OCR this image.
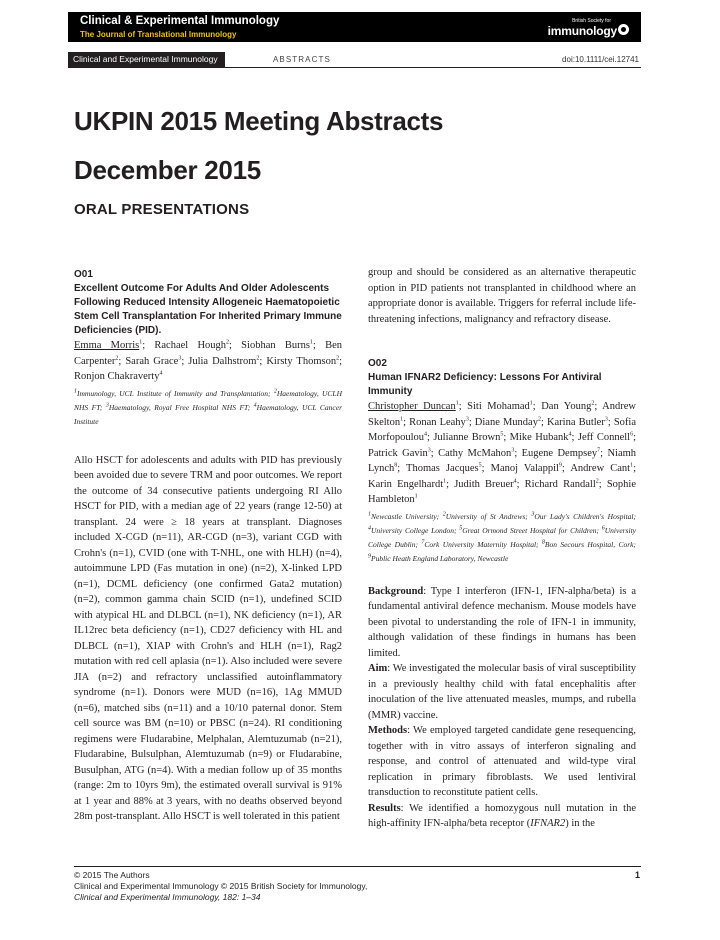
Clinical & Experimental Immunology
The Journal of Translational Immunology
British Society for
immunology
Clinical and Experimental Immunology	ABSTRACTS	doi:10.1111/cei.12741
UKPIN 2015 Meeting Abstracts
December 2015
ORAL PRESENTATIONS

O01

Excellent Outcome For Adults And Older Adolescents Following Reduced Intensity Allogeneic Haematopoietic Stem Cell Transplantation For Inherited Primary Immune Deficiencies (PID).

Emma Morris$^1$; Rachael Hough$^2$; Siobhan Burns$^1$; Ben Carpenter$^2$; Sarah Grace$^3$; Julia Dalhstrom$^2$; Kirsty Thomson$^2$; Ronjon Chakraverty$^4$

$^1$Immunology, UCL Institute of Immunity and Transplantation; $^2$Haematology, UCLH NHS FT; $^3$Haematology, Royal Free Hospital NHS FT; $^4$Haematology, UCL Cancer Institute

Allo HSCT for adolescents and adults with PID has previously been avoided due to severe TRM and poor outcomes. We report the outcome of 34 consecutive patients undergoing RI Allo HSCT for PID, with a median age of 22 years (range 12-50) at transplant. 24 were ≥ 18 years at transplant. Diagnoses included X-CGD (n=11), AR-CGD (n=3), variant CGD with Crohn's (n=1), CVID (one with T-NHL, one with HLH) (n=4), autoimmune LPD (Fas mutation in one) (n=2), X-linked LPD (n=1), DCML deficiency (one confirmed Gata2 mutation) (n=2), common gamma chain SCID (n=1), undefined SCID with atypical HL and DLBCL (n=1), NK deficiency (n=1), AR IL12rec beta deficiency (n=1), CD27 deficiency with HL and DLBCL (n=1), XIAP with Crohn's and HLH (n=1), Rag2 mutation with red cell aplasia (n=1). Also included were severe JIA (n=2) and refractory unclassified autoinflammatory syndrome (n=1). Donors were MUD (n=16), 1Ag MMUD (n=6), matched sibs (n=11) and a 10/10 paternal donor. Stem cell source was BM (n=10) or PBSC (n=24). RI conditioning regimens were Fludarabine, Melphalan, Alemtuzumab (n=21), Fludarabine, Bulsulphan, Alemtuzumab (n=9) or Fludarabine, Busulphan, ATG (n=4). With a median follow up of 35 months (range: 2m to 10yrs 9m), the estimated overall survival is 91% at 1 year and 88% at 3 years, with no deaths observed beyond 28m post-transplant. Allo HSCT is well tolerated in this patient

group and should be considered as an alternative therapeutic option in PID patients not transplanted in childhood where an appropriate donor is available. Triggers for referral include life-threatening infections, malignancy and refractory disease.

O02

Human IFNAR2 Deficiency: Lessons For Antiviral Immunity

Christopher Duncan$^1$; Siti Mohamad$^1$; Dan Young$^2$; Andrew Skelton$^1$; Ronan Leahy$^3$; Diane Munday$^2$; Karina Butler$^3$; Sofia Morfopoulou$^4$; Julianne Brown$^5$; Mike Hubank$^4$; Jeff Connell$^6$; Patrick Gavin$^3$; Cathy McMahon$^3$; Eugene Dempsey$^7$; Niamh Lynch$^8$; Thomas Jacques$^5$; Manoj Valappil$^9$; Andrew Cant$^1$; Karin Engelhardt$^1$; Judith Breuer$^4$; Richard Randall$^2$; Sophie Hambleton$^1$

$^1$Newcastle University; $^2$University of St Andrews; $^3$Our Lady's Children's Hospital; $^4$University College London; $^5$Great Ormond Street Hospital for Children; $^6$University College Dublin; $^7$Cork University Maternity Hospital; $^8$Bon Secours Hospital, Cork; $^9$Public Heath England Laboratory, Newcastle

Background: Type I interferon (IFN-1, IFN-alpha/beta) is a fundamental antiviral defence mechanism. Mouse models have been pivotal to understanding the role of IFN-1 in immunity, although validation of these findings in humans has been limited.

Aim: We investigated the molecular basis of viral susceptibility in a previously healthy child with fatal encephalitis after inoculation of the live attenuated measles, mumps, and rubella (MMR) vaccine.

Methods: We employed targeted candidate gene resequencing, together with in vitro assays of interferon signaling and response, and control of attenuated and wild-type viral replication in primary fibroblasts. We used lentiviral transduction to reconstitute patient cells.

Results: We identified a homozygous null mutation in the high-affinity IFN-alpha/beta receptor (IFNAR2) in the

© 2015 The Authors
Clinical and Experimental Immunology © 2015 British Society for Immunology,
Clinical and Experimental Immunology, 182: 1–34
1
